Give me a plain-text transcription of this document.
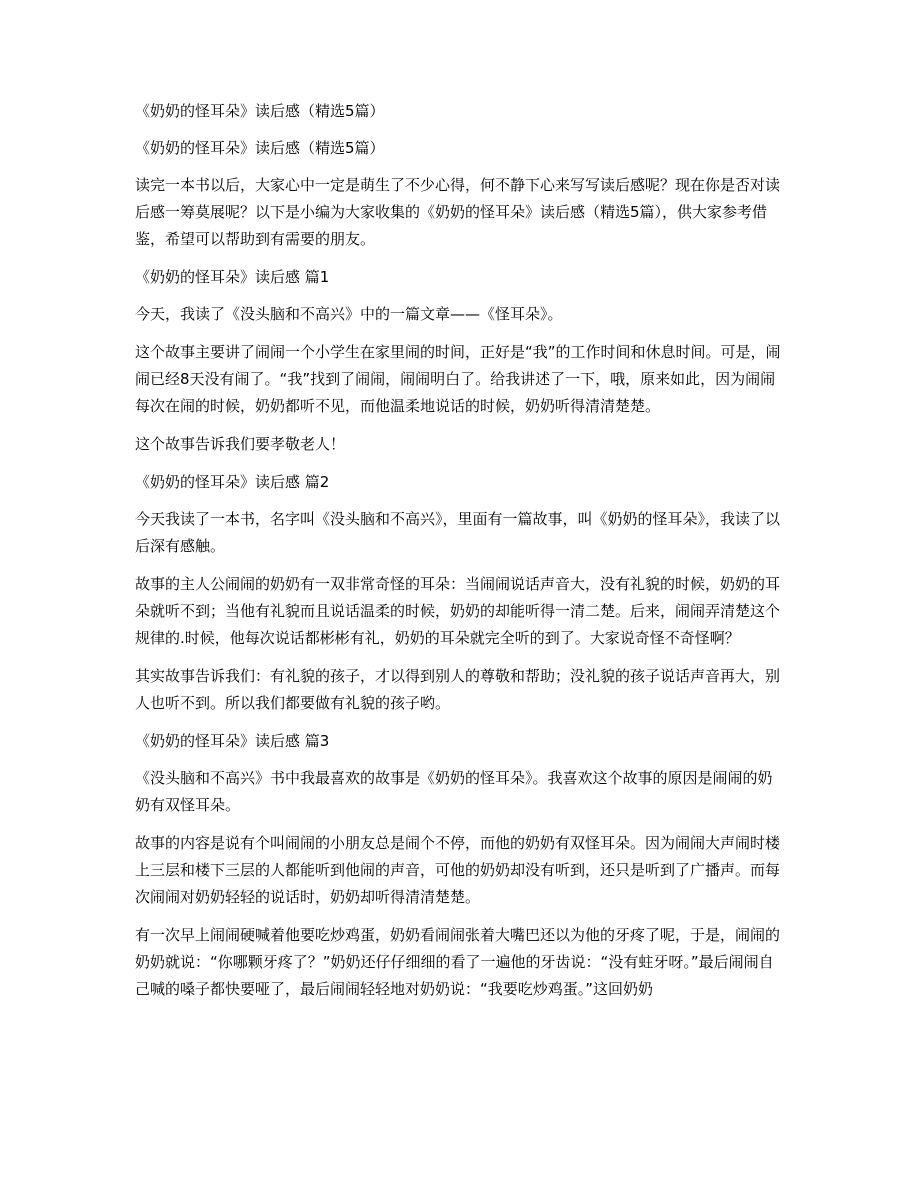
《奶奶的怪耳朵》读后感（精选5篇）

《奶奶的怪耳朵》读后感（精选5篇）

读完一本书以后，大家心中一定是萌生了不少心得，何不静下心来写写读后感呢？现在你是否对读后感一筹莫展呢？以下是小编为大家收集的《奶奶的怪耳朵》读后感（精选5篇），供大家参考借鉴，希望可以帮助到有需要的朋友。

《奶奶的怪耳朵》读后感 篇1

今天，我读了《没头脑和不高兴》中的一篇文章——《怪耳朵》。

这个故事主要讲了闹闹一个小学生在家里闹的时间，正好是“我”的工作时间和休息时间。可是，闹闹已经8天没有闹了。“我”找到了闹闹，闹闹明白了。给我讲述了一下，哦，原来如此，因为闹闹每次在闹的时候，奶奶都听不见，而他温柔地说话的时候，奶奶听得清清楚楚。

这个故事告诉我们要孝敬老人！

《奶奶的怪耳朵》读后感 篇2

今天我读了一本书，名字叫《没头脑和不高兴》，里面有一篇故事，叫《奶奶的怪耳朵》，我读了以后深有感触。

故事的主人公闹闹的奶奶有一双非常奇怪的耳朵：当闹闹说话声音大，没有礼貌的时候，奶奶的耳朵就听不到；当他有礼貌而且说话温柔的时候，奶奶的却能听得一清二楚。后来，闹闹弄清楚这个规律的.时候，他每次说话都彬彬有礼，奶奶的耳朵就完全听的到了。大家说奇怪不奇怪啊？

其实故事告诉我们：有礼貌的孩子，才以得到别人的尊敬和帮助；没礼貌的孩子说话声音再大，别人也听不到。所以我们都要做有礼貌的孩子哟。

《奶奶的怪耳朵》读后感 篇3

《没头脑和不高兴》书中我最喜欢的故事是《奶奶的怪耳朵》。我喜欢这个故事的原因是闹闹的奶奶有双怪耳朵。

故事的内容是说有个叫闹闹的小朋友总是闹个不停，而他的奶奶有双怪耳朵。因为闹闹大声闹时楼上三层和楼下三层的人都能听到他闹的声音，可他的奶奶却没有听到，还只是听到了广播声。而每次闹闹对奶奶轻轻的说话时，奶奶却听得清清楚楚。

有一次早上闹闹硬喊着他要吃炒鸡蛋，奶奶看闹闹张着大嘴巴还以为他的牙疼了呢，于是，闹闹的奶奶就说：“你哪颗牙疼了？”奶奶还仔仔细细的看了一遍他的牙齿说：“没有蛀牙呀。”最后闹闹自己喊的嗓子都快要哑了，最后闹闹轻轻地对奶奶说：“我要吃炒鸡蛋。”这回奶奶
